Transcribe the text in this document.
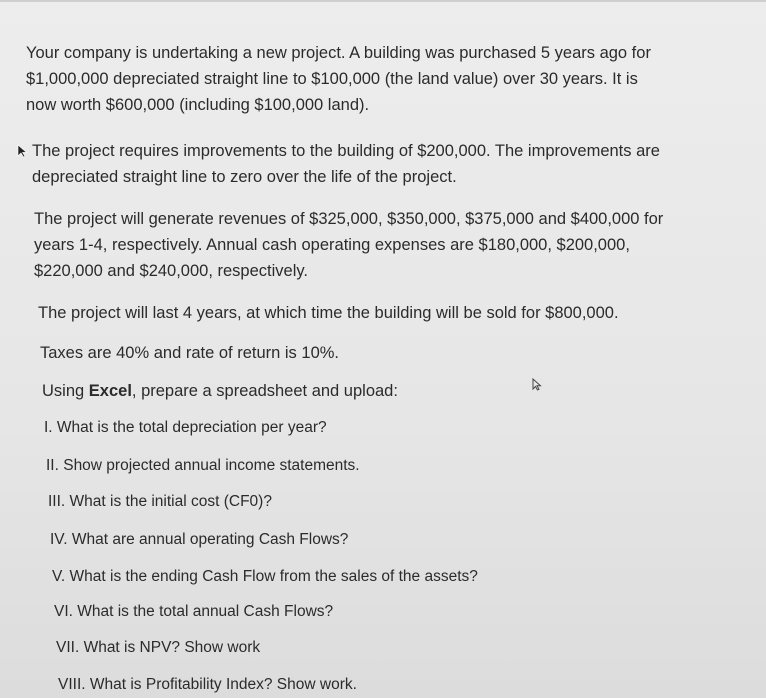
Your company is undertaking a new project. A building was purchased 5 years ago for
$1,000,000 depreciated straight line to $100,000 (the land value) over 30 years. It is
now worth $600,000 (including $100,000 land).
The project requires improvements to the building of $200,000. The improvements are
depreciated straight line to zero over the life of the project.
The project will generate revenues of $325,000, $350,000, $375,000 and $400,000 for
years 1-4, respectively. Annual cash operating expenses are $180,000, $200,000,
$220,000 and $240,000, respectively.
The project will last 4 years, at which time the building will be sold for $800,000.
Taxes are 40% and rate of return is 10%.
Using Excel, prepare a spreadsheet and upload:
I. What is the total depreciation per year?
II. Show projected annual income statements.
III. What is the initial cost (CF0)?
IV. What are annual operating Cash Flows?
V. What is the ending Cash Flow from the sales of the assets?
VI. What is the total annual Cash Flows?
VII. What is NPV? Show work
VIII. What is Profitability Index? Show work.
